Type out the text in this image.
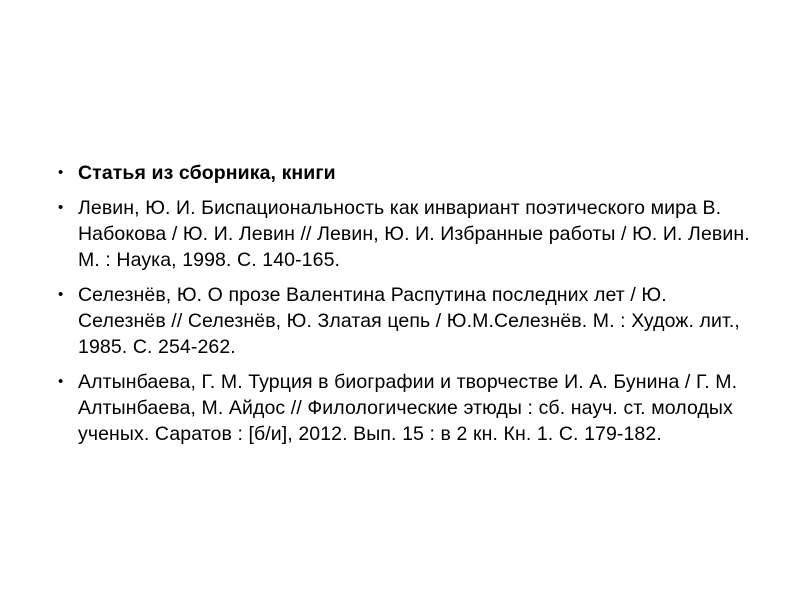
• Статья из сборника, книги
• Левин, Ю. И. Биспациональность как инвариант поэтического мира В. Набокова / Ю. И. Левин // Левин, Ю. И. Избранные работы / Ю. И. Левин. М. : Наука, 1998. С. 140-165.
• Селезнёв, Ю. О прозе Валентина Распутина последних лет / Ю. Селезнёв // Селезнёв, Ю. Златая цепь / Ю.М.Селезнёв. М. : Худож. лит., 1985. С. 254-262.
• Алтынбаева, Г. М. Турция в биографии и творчестве И. А. Бунина / Г. М. Алтынбаева, М. Айдос // Филологические этюды : сб. науч. ст. молодых ученых. Саратов : [б/и], 2012. Вып. 15 : в 2 кн. Кн. 1. С. 179-182.
